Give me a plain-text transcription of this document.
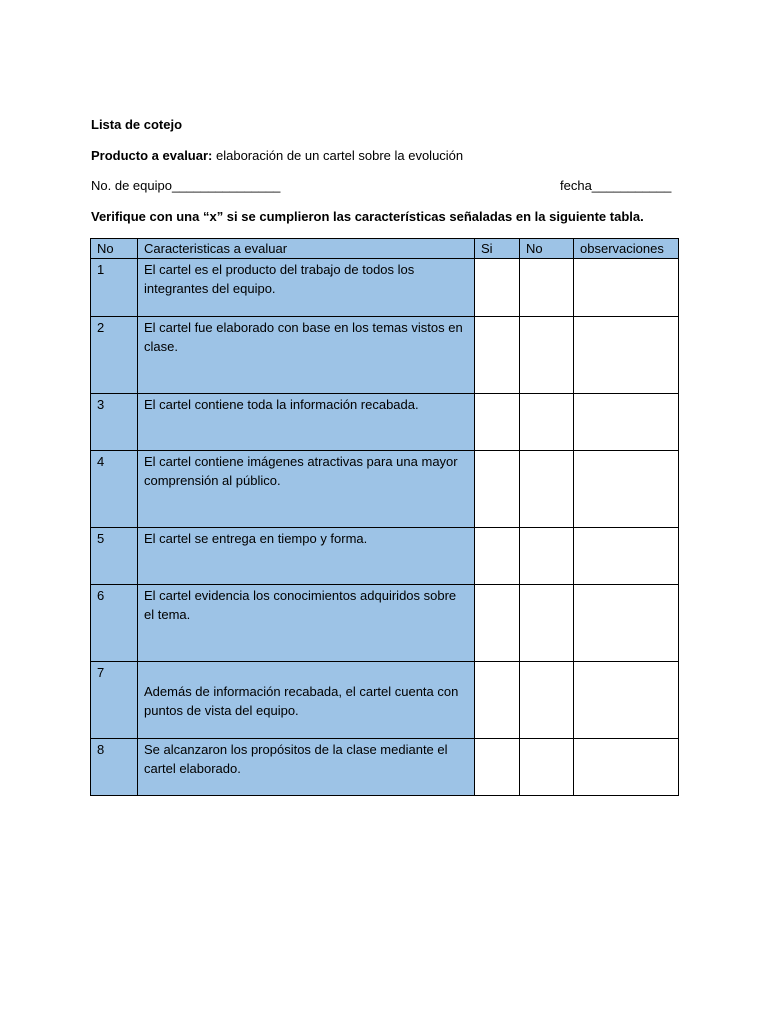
Lista de cotejo
Producto a evaluar: elaboración de un cartel sobre la evolución
No. de equipo_______________	fecha___________
Verifique con una “x” si se cumplieron las características señaladas en la siguiente tabla.
No	Caracteristicas a evaluar	Si	No	observaciones
1	El cartel es el producto del trabajo de todos los integrantes del equipo.			
2	El cartel fue elaborado con base en los temas vistos en clase.			
3	El cartel contiene toda la información recabada.			
4	El cartel contiene imágenes atractivas para una mayor comprensión al público.			
5	El cartel se entrega en tiempo y forma.			
6	El cartel evidencia los conocimientos adquiridos sobre el tema.			
7	Además de información recabada, el cartel cuenta con puntos de vista del equipo.			

8	Se alcanzaron los propósitos de la clase mediante el cartel elaborado.			
